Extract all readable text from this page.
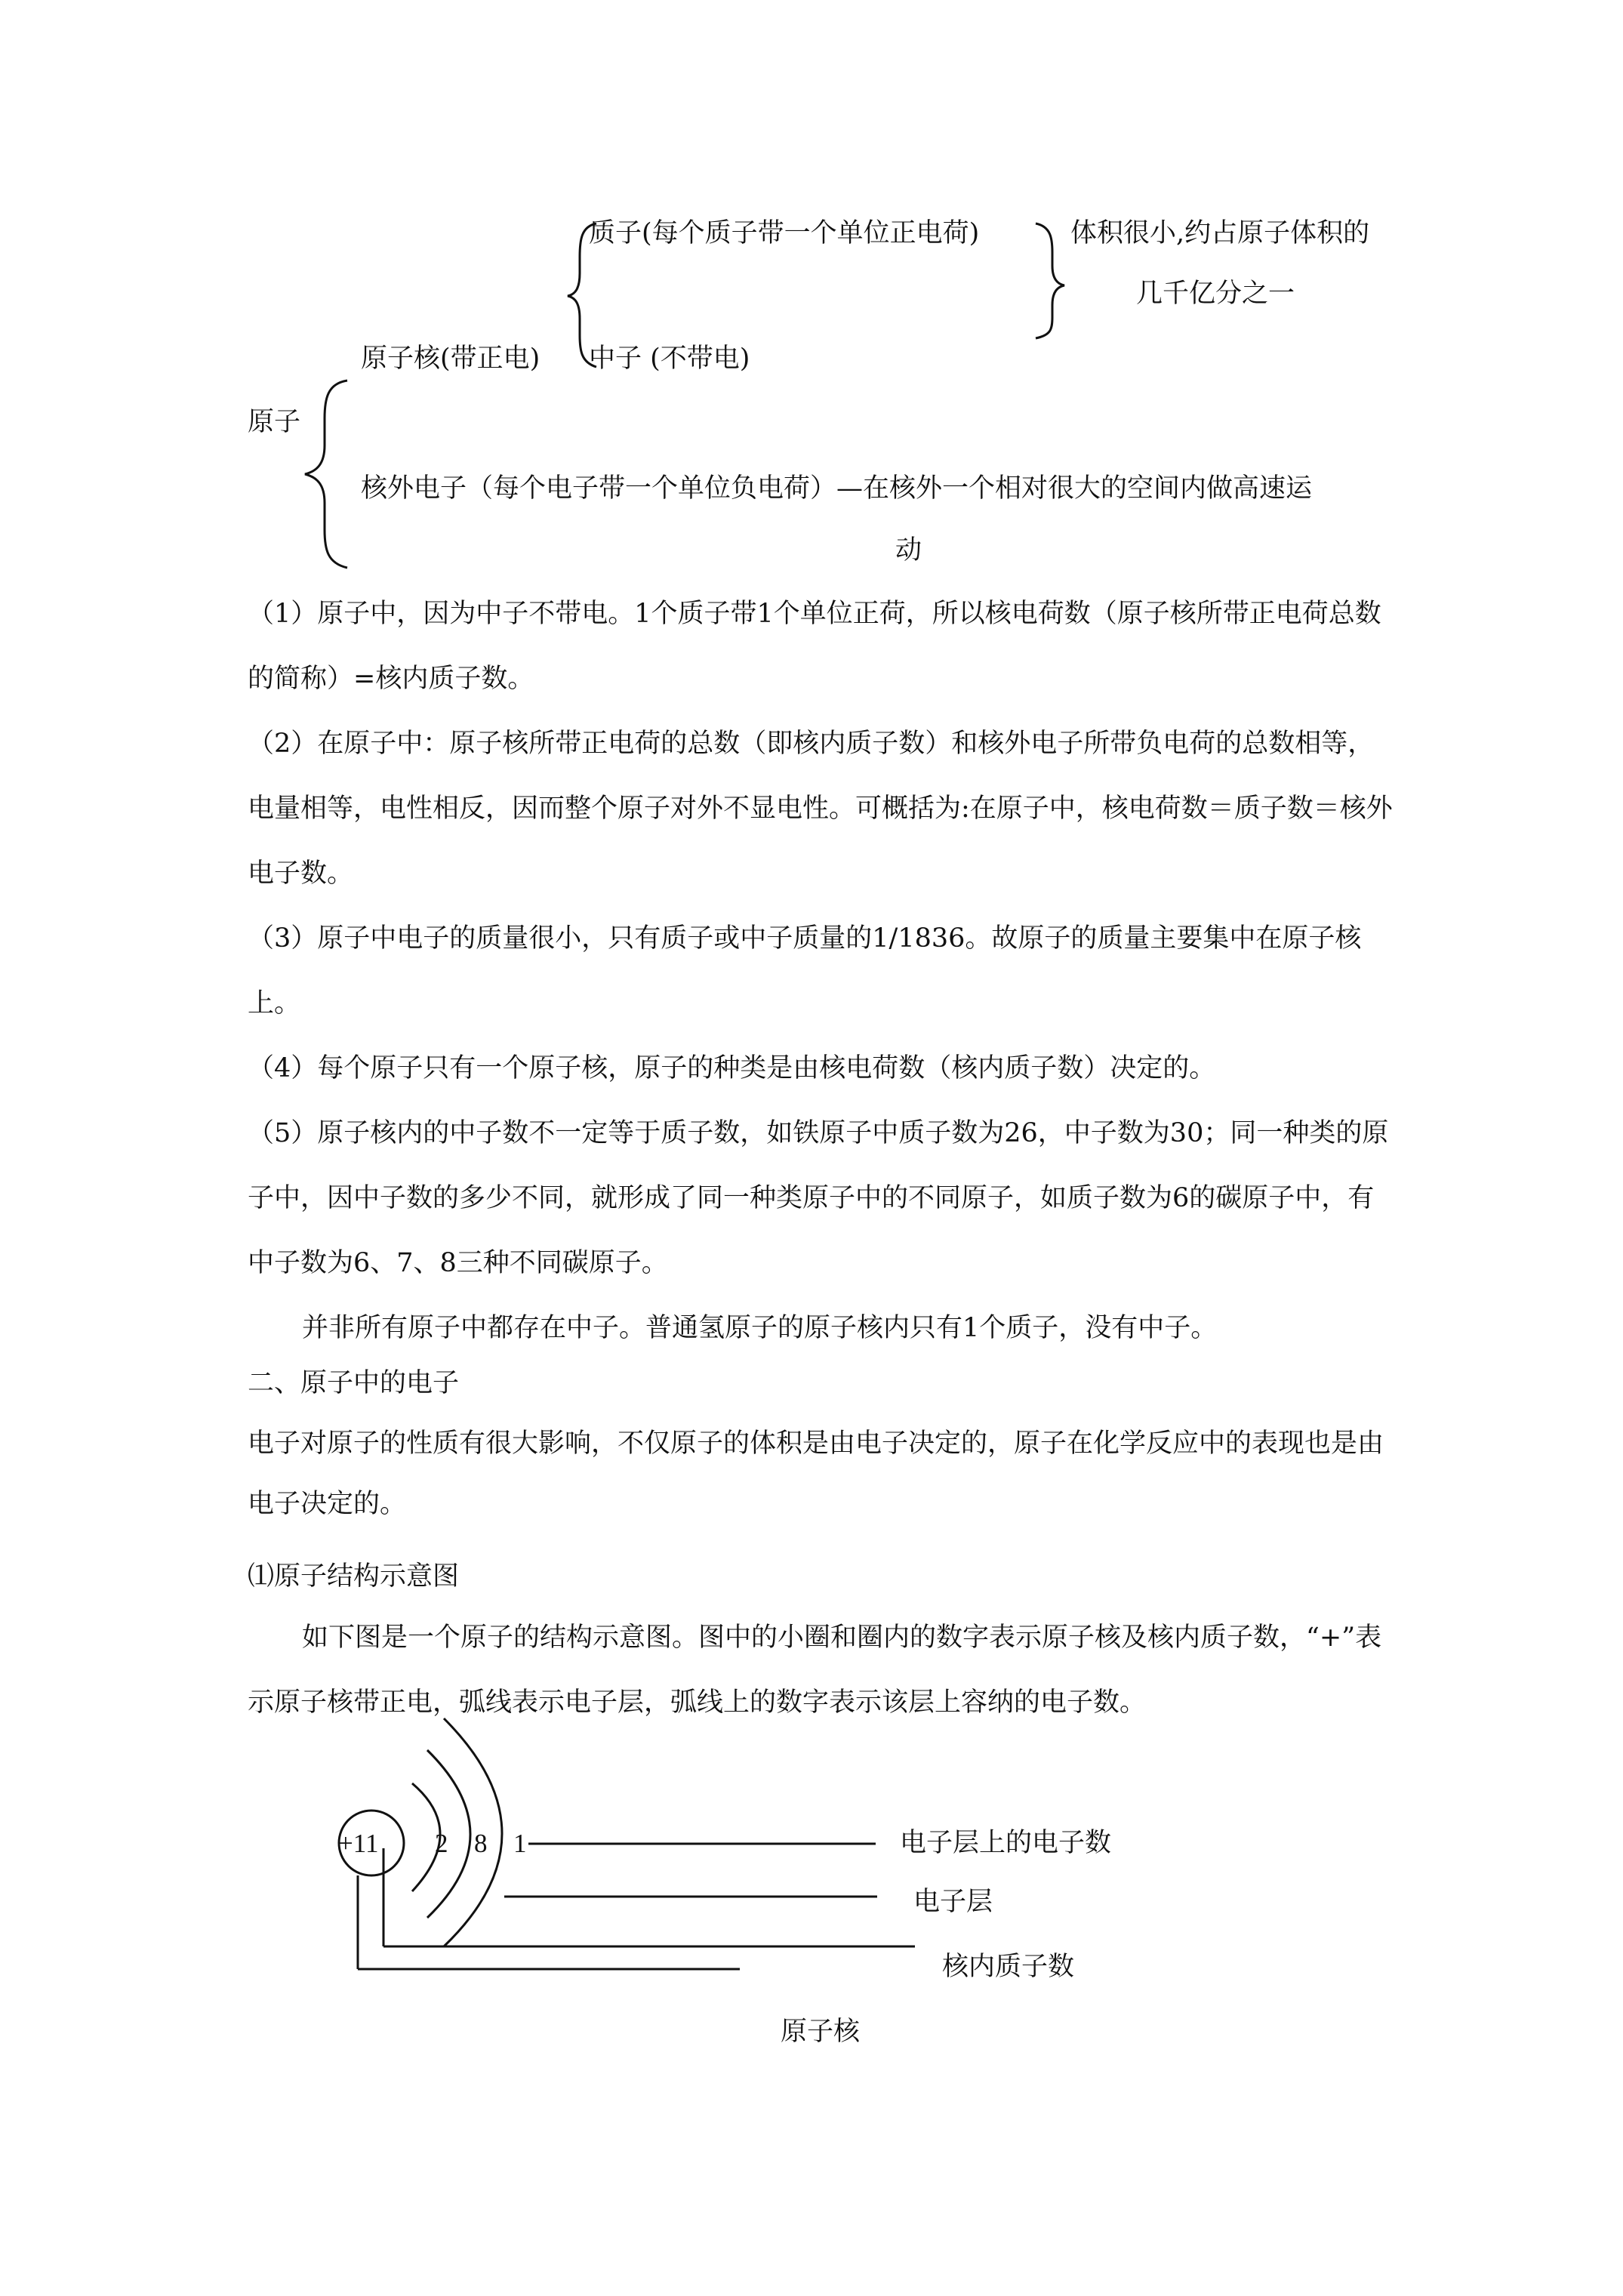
质子(每个质子带一个单位正电荷)	体积很小,约占原子体积的
几千亿分之一
原子核(带正电) 中子 (不带电)
原子
核外电子（每个电子带一个单位负电荷）—在核外一个相对很大的空间内做高速运
动
（1）原子中，因为中子不带电。1个质子带1个单位正荷，所以核电荷数（原子核所带正电荷总数的简称）=核内质子数。
（2）在原子中：原子核所带正电荷的总数（即核内质子数）和核外电子所带负电荷的总数相等，电量相等，电性相反，因而整个原子对外不显电性。可概括为:在原子中，核电荷数＝质子数＝核外电子数。
（3）原子中电子的质量很小，只有质子或中子质量的1/1836。故原子的质量主要集中在原子核上。
（4）每个原子只有一个原子核，原子的种类是由核电荷数（核内质子数）决定的。
（5）原子核内的中子数不一定等于质子数，如铁原子中质子数为26，中子数为30；同一种类的原子中，因中子数的多少不同，就形成了同一种类原子中的不同原子，如质子数为6的碳原子中，有中子数为6、7、8三种不同碳原子。
并非所有原子中都存在中子。普通氢原子的原子核内只有1个质子，没有中子。
二、原子中的电子
电子对原子的性质有很大影响，不仅原子的体积是由电子决定的，原子在化学反应中的表现也是由电子决定的。
⑴原子结构示意图
如下图是一个原子的结构示意图。图中的小圈和圈内的数字表示原子核及核内质子数，“+”表示原子核带正电，弧线表示电子层，弧线上的数字表示该层上容纳的电子数。
+11 2 8 1	电子层上的电子数
电子层
核内质子数
原子核
